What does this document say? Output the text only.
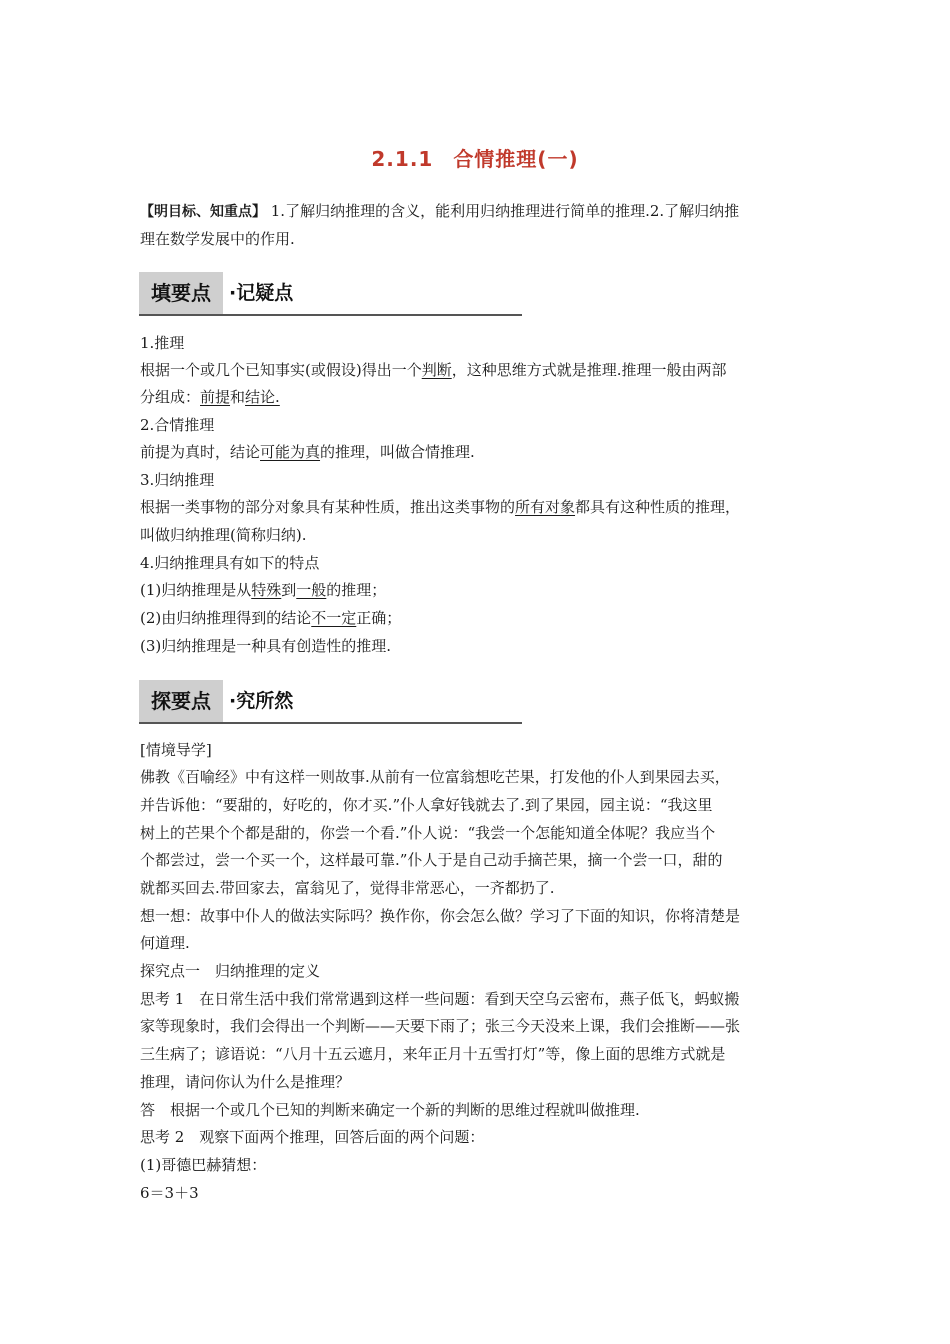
2.1.1 合情推理(一)
【明目标、知重点】 1.了解归纳推理的含义，能利用归纳推理进行简单的推理.2.了解归纳推
理在数学发展中的作用.
填要点 ·记疑点
1.推理
根据一个或几个已知事实(或假设)得出一个判断，这种思维方式就是推理.推理一般由两部
分组成：前提和结论.
2.合情推理
前提为真时，结论可能为真的推理，叫做合情推理.
3.归纳推理
根据一类事物的部分对象具有某种性质，推出这类事物的所有对象都具有这种性质的推理，
叫做归纳推理(简称归纳).
4.归纳推理具有如下的特点
(1)归纳推理是从特殊到一般的推理；
(2)由归纳推理得到的结论不一定正确；
(3)归纳推理是一种具有创造性的推理.
探要点 ·究所然
[情境导学]
佛教《百喻经》中有这样一则故事.从前有一位富翁想吃芒果，打发他的仆人到果园去买，
并告诉他：“要甜的，好吃的，你才买.”仆人拿好钱就去了.到了果园，园主说：“我这里
树上的芒果个个都是甜的，你尝一个看.”仆人说：“我尝一个怎能知道全体呢？我应当个
个都尝过，尝一个买一个，这样最可靠.”仆人于是自己动手摘芒果，摘一个尝一口，甜的
就都买回去.带回家去，富翁见了，觉得非常恶心，一齐都扔了.
想一想：故事中仆人的做法实际吗？换作你，你会怎么做？学习了下面的知识，你将清楚是
何道理.
探究点一　归纳推理的定义
思考 1　在日常生活中我们常常遇到这样一些问题：看到天空乌云密布，燕子低飞，蚂蚁搬
家等现象时，我们会得出一个判断——天要下雨了；张三今天没来上课，我们会推断——张
三生病了；谚语说：“八月十五云遮月，来年正月十五雪打灯”等，像上面的思维方式就是
推理，请问你认为什么是推理？
答　根据一个或几个已知的判断来确定一个新的判断的思维过程就叫做推理.
思考 2　观察下面两个推理，回答后面的两个问题：
(1)哥德巴赫猜想：
6＝3＋3
